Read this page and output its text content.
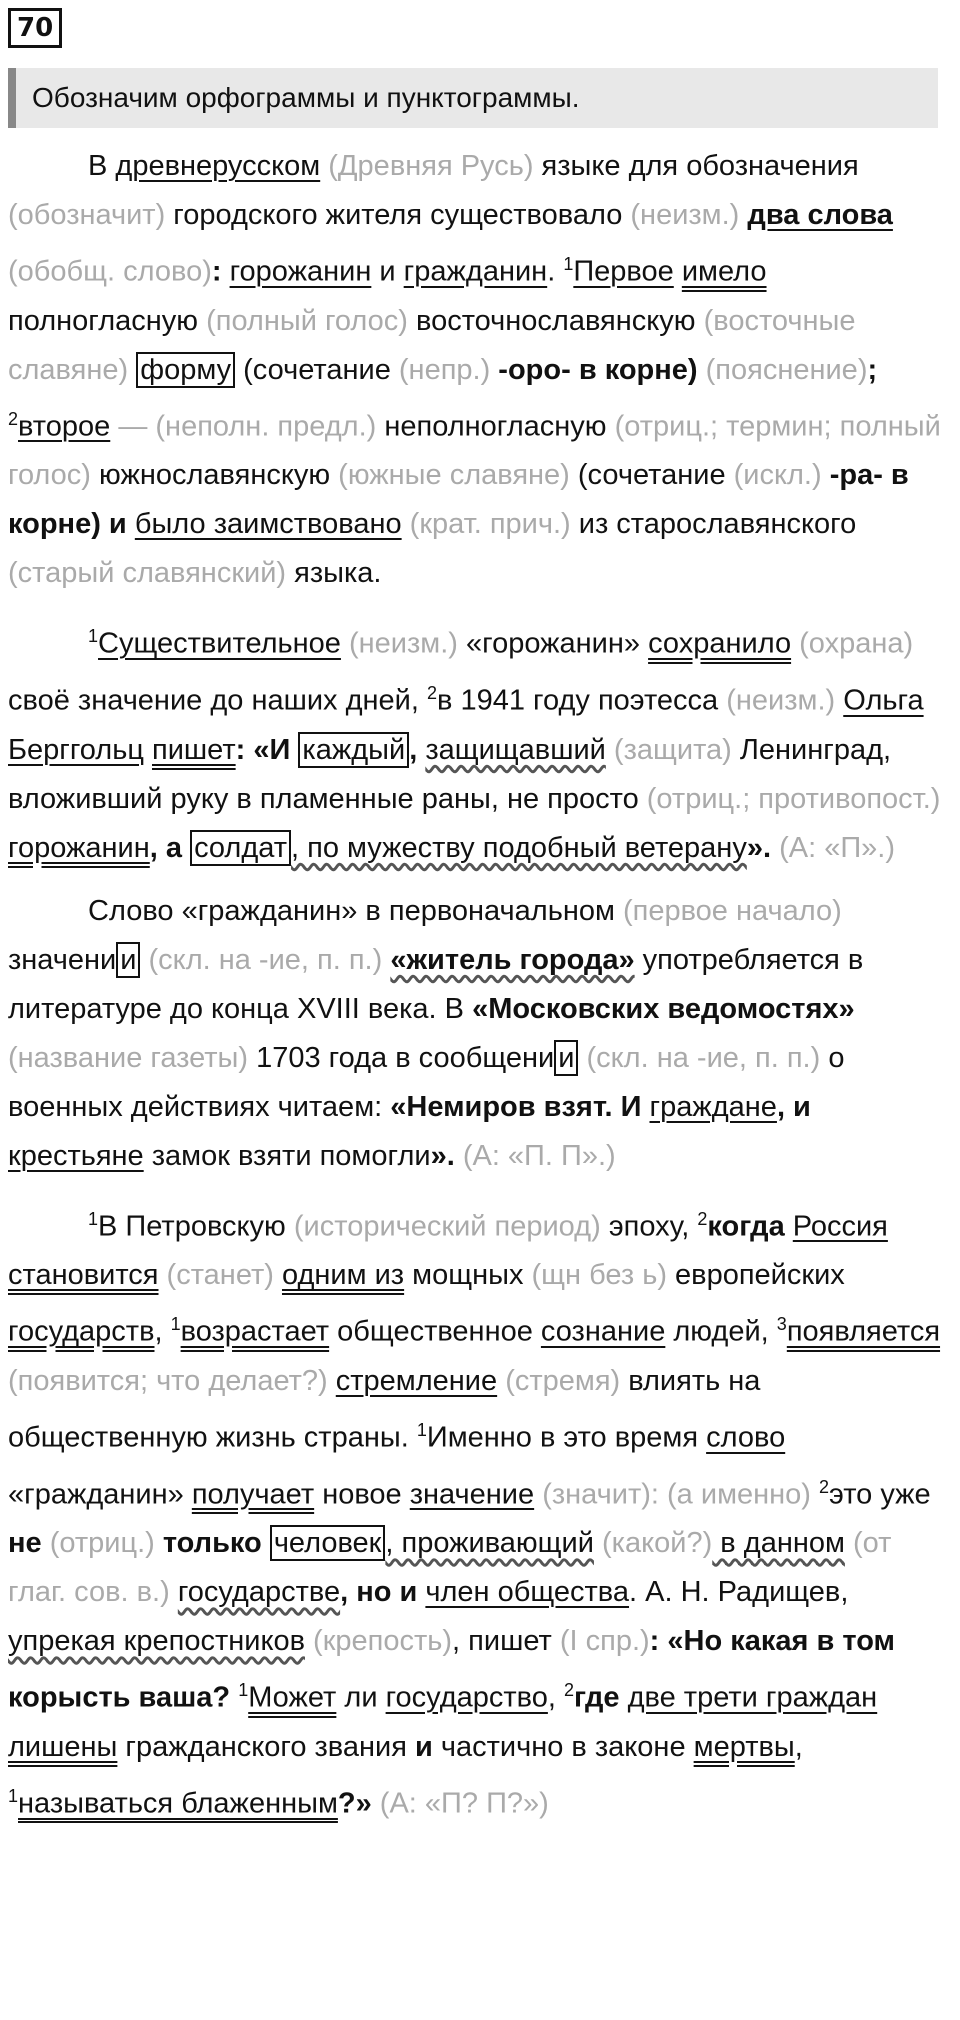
70
Обозначим орфограммы и пунктограммы.

В древнерусском (Древняя Русь) языке для обозначения (обозначит) городского жителя существовало (неизм.) два слова (обобщ. слово): горожанин и гражданин. $^1$Первое имело полногласную (полный голос) восточнославянскую (восточные славяне) форму (сочетание (непр.) -оро- в корне) (пояснение); $^2$второе — (неполн. предл.) неполногласную (отриц.; термин; полный голос) южнославянскую (южные славяне) (сочетание (искл.) -ра- в корне) и было заимствовано (крат. прич.) из старославянского (старый славянский) языка.

$^1$Существительное (неизм.) «горожанин» сохранило (охрана) своё значение до наших дней, $^2$в 1941 году поэтесса (неизм.) Ольга Берггольц пишет: «И каждый , защищавший (защита) Ленинград, вложивший руку в пламенные раны, не просто (отриц.; противопост.) горожанин, а солдат , по мужеству подобный ветерану». (А: «П».)

Слово «гражданин» в первоначальном (первое начало) значени и (скл. на -ие, п. п.) «житель города» употребляется в литературе до конца XVIII века. В «Московских ведомостях» (название газеты) 1703 года в сообщени и (скл. на -ие, п. п.) о военных действиях читаем: «Немиров взят. И граждане, и крестьяне замок взяти помогли». (А: «П. П».)

$^1$В Петровскую (исторический период) эпоху, $^2$когда Россия становится (станет) одним из мощных (щн без ь) европейских государств, $^1$возрастает общественное сознание людей, $^3$появляется (появится; что делает?) стремление (стремя) влиять на общественную жизнь страны. $^1$Именно в это время слово «гражданин» получает новое значение (значит): (а именно) $^2$это уже не (отриц.) только человек , проживающий (какой?) в данном (от глаг. сов. в.) государстве, но и член общества. А. Н. Радищев, упрекая крепостников (крепость), пишет (I спр.): «Но какая в том корысть ваша? $^1$Может ли государство, $^2$где две трети граждан лишены гражданского звания и частично в законе мертвы, $^1$называться блаженным?» (А: «П? П?»)
